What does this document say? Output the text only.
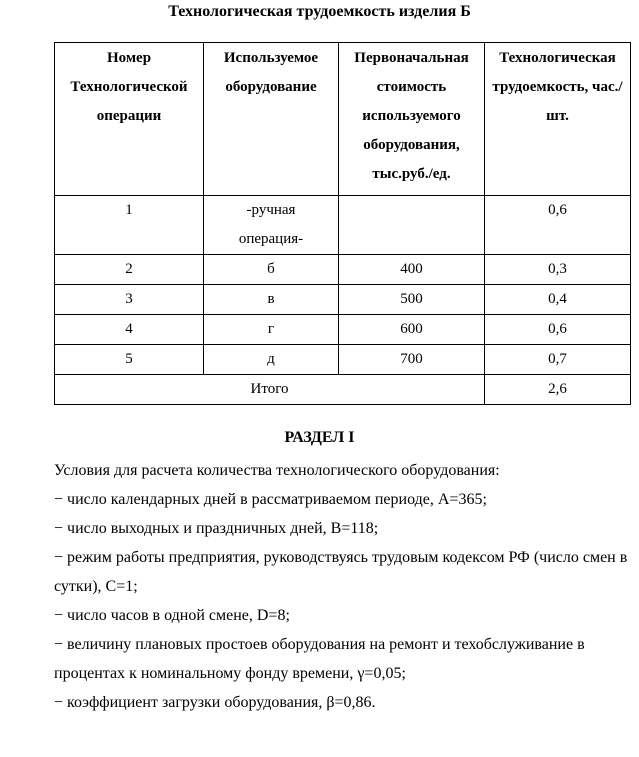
Технологическая трудоемкость изделия Б
Номер Технологической операции	Используемое оборудование	Первоначальная стоимость используемого оборудования, тыс.руб./ед.	Технологическая трудоемкость, час./шт.
1	-ручная операция-		0,6
2	б	400	0,3
3	в	500	0,4
4	г	600	0,6
5	д	700	0,7
Итого			2,6
РАЗДЕЛ I

Условия для расчета количества технологического оборудования:

− число календарных дней в рассматриваемом периоде, А=365;

− число выходных и праздничных дней, В=118;

− режим работы предприятия, руководствуясь трудовым кодексом РФ (число смен в сутки), С=1;

− число часов в одной смене, D=8;

− величину плановых простоев оборудования на ремонт и техобслуживание в процентах к номинальному фонду времени, γ=0,05;

− коэффициент загрузки оборудования, β=0,86.
